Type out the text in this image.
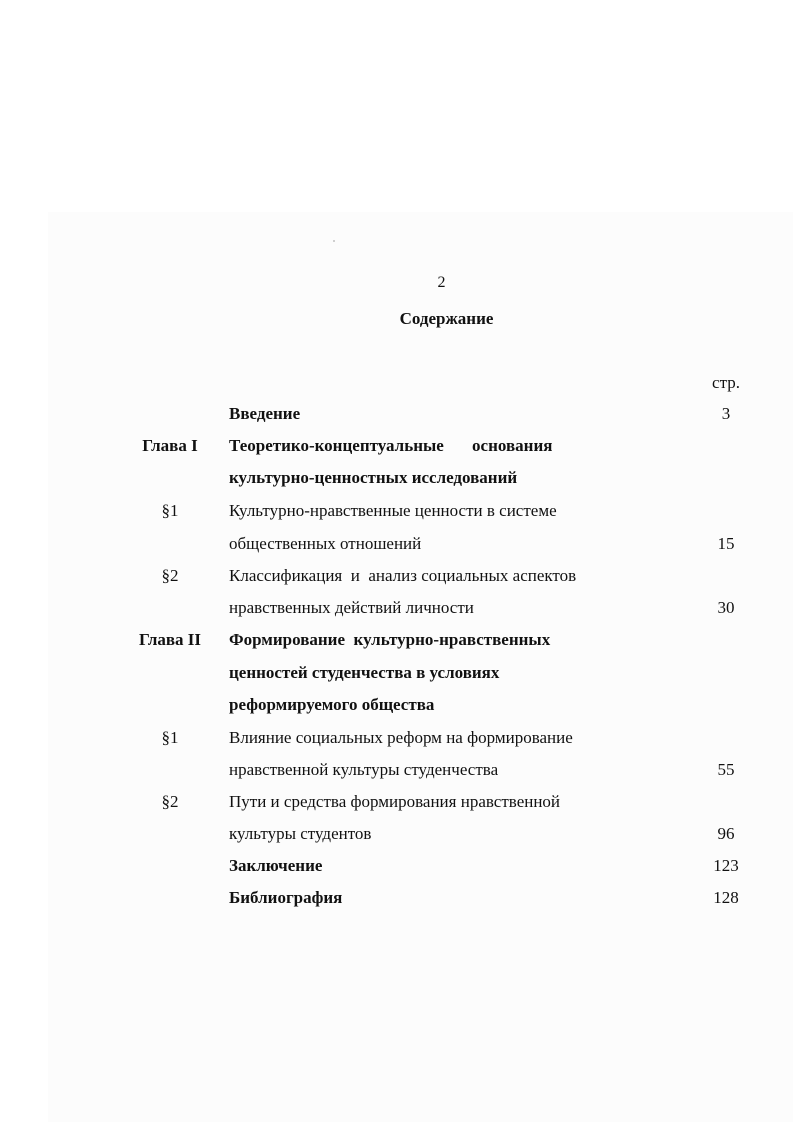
2
Содержание
стр.
Введение	3
Глава I	Теоретико-концептуальные основания
культурно-ценностных исследований
§1	Культурно-нравственные ценности в системе
общественных отношений	15
§2	Классификация  и  анализ социальных аспектов
нравственных действий личности	30
Глава II	Формирование  культурно-нравственных
ценностей студенчества в условиях
реформируемого общества
§1	Влияние социальных реформ на формирование
нравственной культуры студенчества	55
§2	Пути и средства формирования нравственной
культуры студентов	96
Заключение	123
Библиография	128
